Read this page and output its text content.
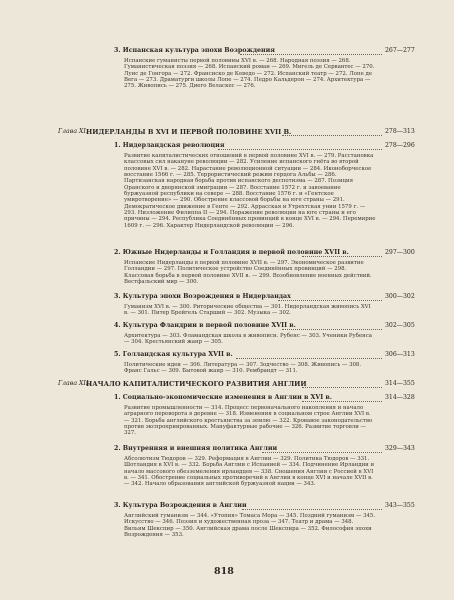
3. Испанская культура эпохи Возрождения	267—277
Испанские гуманисты первой половины XVI в. — 268. Народная поэзия — 268. Гуманистическая поэзия — 268. Испанский роман — 269. Мигель де Сервантес — 270. Луис де Гонгора — 272. Франсиско де Кеведо — 272. Испанский театр — 272. Лопе де Вега — 273. Драматурги школы Лопе — 274. Педро Кальдерон — 274. Архитектура — 275. Живопись — 275. Диего Веласкес — 276.
Глава XI.
НИДЕРЛАНДЫ В XVI И ПЕРВОЙ ПОЛОВИНЕ XVII В.	278—313
1. Нидерландская революция	278—296
Развитие капиталистических отношений в первой половине XVI в. — 279. Расстановка классовых сил накануне революции — 282. Усиление испанского гнёта во второй половине XVI в. — 282. Нарастание революционной ситуации — 284. Иконоборческое восстание 1566 г. — 285. Террористический режим герцога Альбы — 286. Партизанская народная борьба против испанского деспотизма — 287. Позиция Оранского и дворянской эмиграции — 287. Восстание 1572 г. и завоевание буржуазной республики на севере — 288. Восстание 1576 г. и «Гентское умиротворение» — 290. Обострение классовой борьбы на юге страны — 291. Демократическое движение в Генте — 292. Аррасская и Утрехтская унии 1579 г. — 293. Низложение Филиппа II — 294. Поражение революции на юге страны и его причины — 294. Республика Соединённых провинций в конце XVI в. — 294. Перемирие 1609 г. — 296. Характер Нидерландской революции — 296.
2. Южные Нидерланды и Голландия в первой половине XVII в.	297—300
Испанские Нидерланды в первой половине XVII в. — 297. Экономическое развитие Голландии — 297. Политическое устройство Соединённых провинций — 298. Классовая борьба в первой половине XVII в. — 299. Возобновление военных действий. Вестфальский мир — 300.
3. Культура эпохи Возрождения в Нидерландах	300—302
Гуманизм XVI в. — 300. Риторические общества — 301. Нидерландская живопись XVI в. — 301. Питер Брейгель Старший — 302. Музыка — 302.
4. Культура Фландрии в первой половине XVII в.	302—305
Архитектура — 303. Фламандская школа в живописи. Рубенс — 303. Ученики Рубенса — 304. Крестьянский жанр — 305.
5. Голландская культура XVII в.	306—313
Политические идеи — 306. Литература — 307. Зодчество — 308. Живопись — 308. Франс Гальс — 309. Бытовой жанр — 310. Рембрандт — 311.
Глава XII.
НАЧАЛО КАПИТАЛИСТИЧЕСКОГО РАЗВИТИЯ АНГЛИИ	314—355
1. Социально-экономические изменения в Англии в XVI в.	314—328
Развитие промышленности — 314. Процесс первоначального накопления и начало аграрного переворота в деревне — 318. Изменения в социальном строе Англии XVI в. — 321. Борьба английского крестьянства за землю — 322. Кровавое законодательство против экспроприированных. Мануфактурные рабочие — 326. Развитие торговли — 327.
2. Внутренняя и внешняя политика Англии	329—343
Абсолютизм Тюдоров — 329. Реформация в Англии — 329. Политика Тюдоров — 331. Шотландия в XVI в. — 332. Борьба Англии с Испанией — 334. Подчинение Ирландии и начало массового обезземеления ирландцев — 338. Сношения Англии с Россией в XVI в. — 341. Обострение социальных противоречий в Англии в конце XVI и начале XVII в. — 342. Начало образования английской буржуазной нации — 343.
3. Культура Возрождения в Англии	343—355
Английский гуманизм — 344. «Утопия» Томаса Мора — 345. Поздний гуманизм — 345. Искусство — 346. Поэзия и художественная проза — 347. Театр и драма — 348. Вильям Шекспир — 350. Английская драма после Шекспира — 352. Философия эпохи Возрождения — 353.
818
